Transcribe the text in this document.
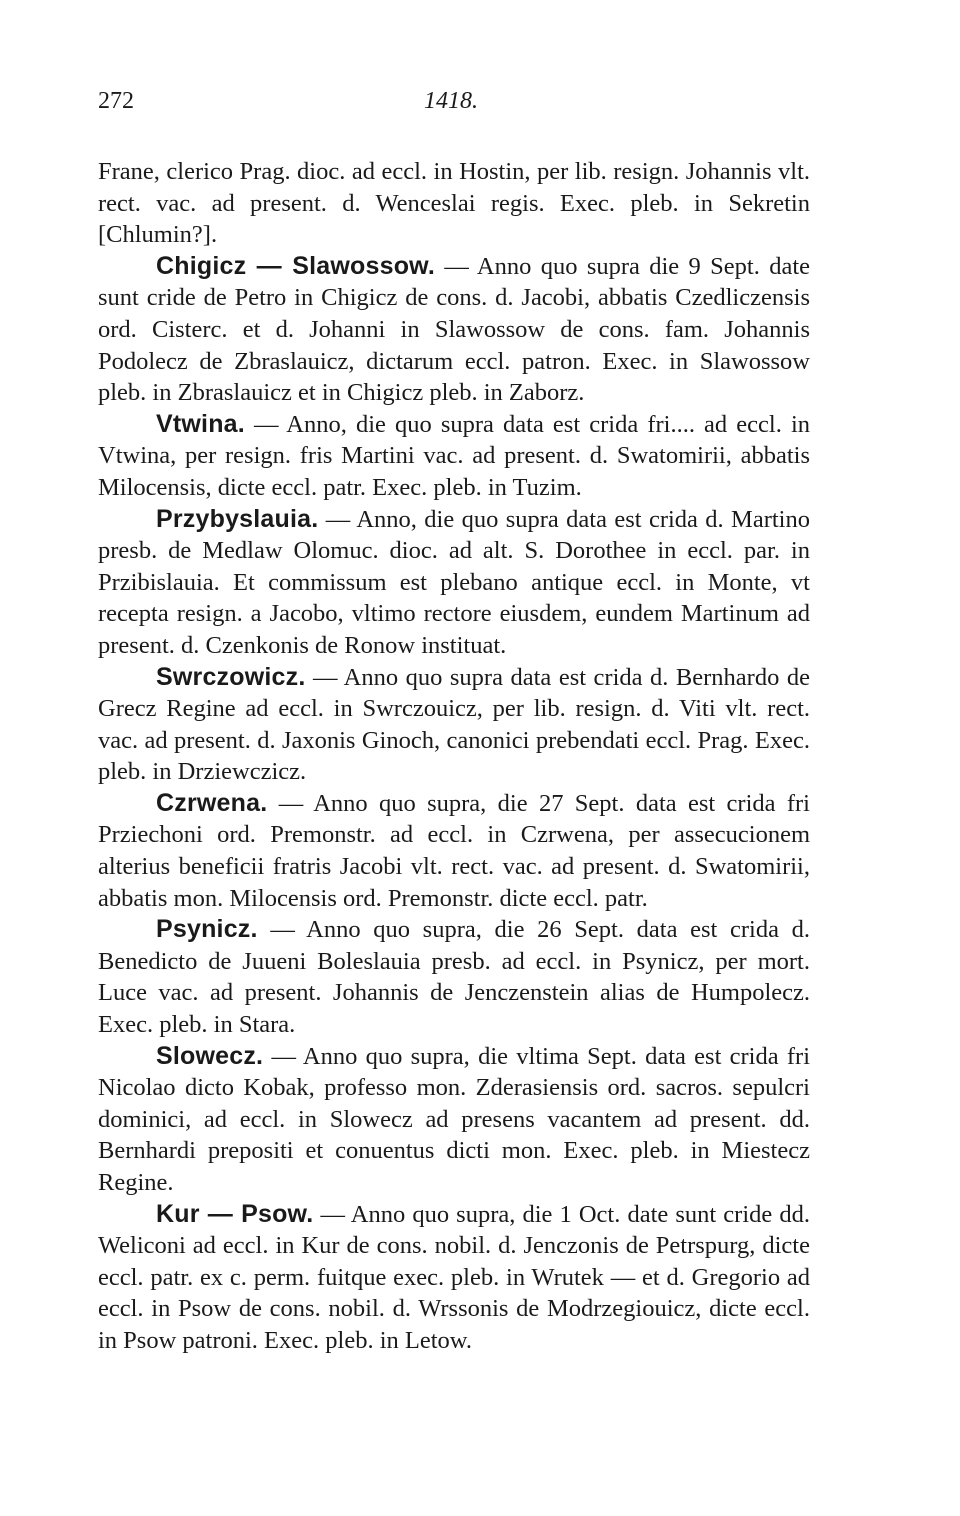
272	1418.

Frane, clerico Prag. dioc. ad eccl. in Hostin, per lib. resign. Johannis vlt. rect. vac. ad present. d. Wenceslai regis. Exec. pleb. in Sekretin [Chlumin?].

Chigicz — Slawossow. — Anno quo supra die 9 Sept. date sunt cride de Petro in Chigicz de cons. d. Jacobi, abbatis Czedliczensis ord. Cisterc. et d. Johanni in Slawossow de cons. fam. Johannis Podolecz de Zbraslauicz, dictarum eccl. patron. Exec. in Slawossow pleb. in Zbraslauicz et in Chigicz pleb. in Zaborz.

Vtwina. — Anno, die quo supra data est crida fri.... ad eccl. in Vtwina, per resign. fris Martini vac. ad present. d. Swatomirii, abbatis Milocensis, dicte eccl. patr. Exec. pleb. in Tuzim.

Przybyslauia. — Anno, die quo supra data est crida d. Martino presb. de Medlaw Olomuc. dioc. ad alt. S. Dorothee in eccl. par. in Przibislauia. Et commissum est plebano antique eccl. in Monte, vt recepta resign. a Jacobo, vltimo rectore eiusdem, eundem Martinum ad present. d. Czenkonis de Ronow instituat.

Swrczowicz. — Anno quo supra data est crida d. Bernhardo de Grecz Regine ad eccl. in Swrczouicz, per lib. resign. d. Viti vlt. rect. vac. ad present. d. Jaxonis Ginoch, canonici prebendati eccl. Prag. Exec. pleb. in Drziewczicz.

Czrwena. — Anno quo supra, die 27 Sept. data est crida fri Prziechoni ord. Premonstr. ad eccl. in Czrwena, per assecucionem alterius beneficii fratris Jacobi vlt. rect. vac. ad present. d. Swatomirii, abbatis mon. Milocensis ord. Premonstr. dicte eccl. patr.

Psynicz. — Anno quo supra, die 26 Sept. data est crida d. Benedicto de Juueni Boleslauia presb. ad eccl. in Psynicz, per mort. Luce vac. ad present. Johannis de Jenczenstein alias de Humpolecz. Exec. pleb. in Stara.

Slowecz. — Anno quo supra, die vltima Sept. data est crida fri Nicolao dicto Kobak, professo mon. Zderasiensis ord. sacros. sepulcri dominici, ad eccl. in Slowecz ad presens vacantem ad present. dd. Bernhardi prepositi et conuentus dicti mon. Exec. pleb. in Miestecz Regine.

Kur — Psow. — Anno quo supra, die 1 Oct. date sunt cride dd. Weliconi ad eccl. in Kur de cons. nobil. d. Jenczonis de Petrspurg, dicte eccl. patr. ex c. perm. fuitque exec. pleb. in Wrutek — et d. Gregorio ad eccl. in Psow de cons. nobil. d. Wrssonis de Modrzegiouicz, dicte eccl. in Psow patroni. Exec. pleb. in Letow.
